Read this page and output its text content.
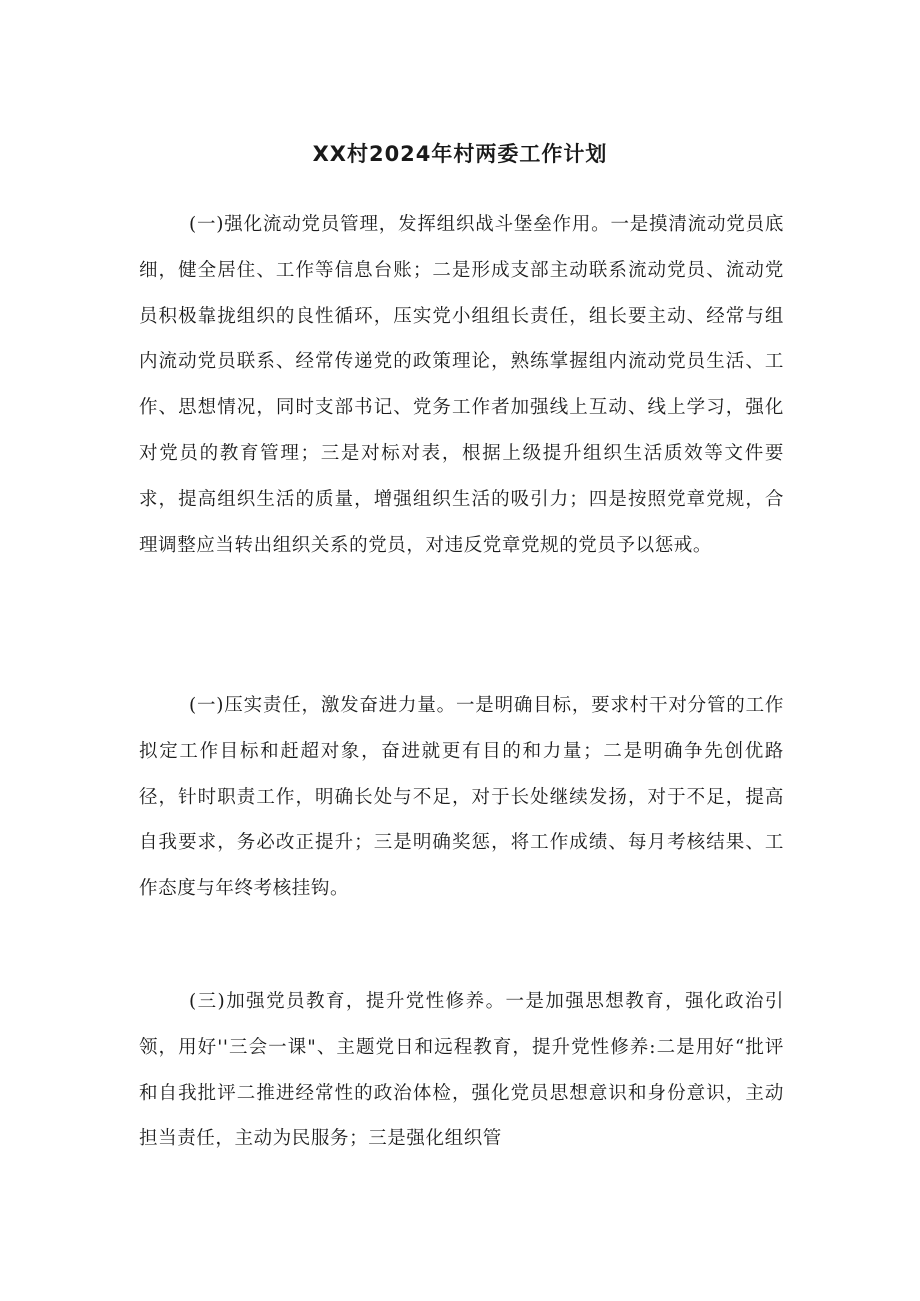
XX村2024年村两委工作计划

(一)强化流动党员管理，发挥组织战斗堡垒作用。一是摸清流动党员底细，健全居住、工作等信息台账；二是形成支部主动联系流动党员、流动党员积极靠拢组织的良性循环，压实党小组组长责任，组长要主动、经常与组内流动党员联系、经常传递党的政策理论，熟练掌握组内流动党员生活、工作、思想情况，同时支部书记、党务工作者加强线上互动、线上学习，强化对党员的教育管理；三是对标对表，根据上级提升组织生活质效等文件要求，提高组织生活的质量，增强组织生活的吸引力；四是按照党章党规，合理调整应当转出组织关系的党员，对违反党章党规的党员予以惩戒。

(一)压实责任，激发奋进力量。一是明确目标，要求村干对分管的工作拟定工作目标和赶超对象，奋进就更有目的和力量；二是明确争先创优路径，针时职责工作，明确长处与不足，对于长处继续发扬，对于不足，提高自我要求，务必改正提升；三是明确奖惩，将工作成绩、每月考核结果、工作态度与年终考核挂钩。

(三)加强党员教育，提升党性修养。一是加强思想教育，强化政治引领，用好''三会一课"、主题党日和远程教育，提升党性修养:二是用好“批评和自我批评二推进经常性的政治体检，强化党员思想意识和身份意识，主动担当责任，主动为民服务；三是强化组织管
